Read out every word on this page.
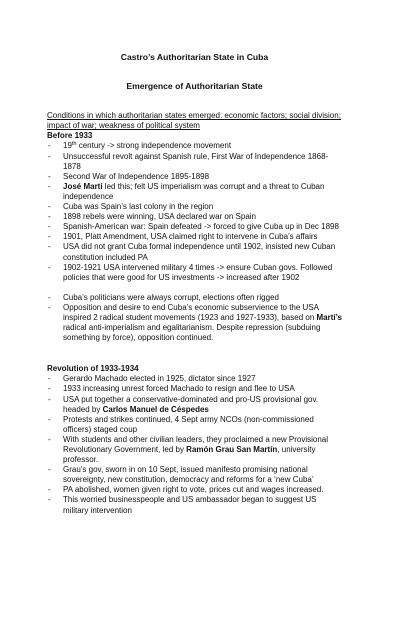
Castro’s Authoritarian State in Cuba
Emergence of Authoritarian State
Conditions in which authoritarian states emerged: economic factors; social division; impact of war; weakness of political system
Before 1933
- 19th century -> strong independence movement
- Unsuccessful revolt against Spanish rule, First War of Independence 1868-1878
- Second War of Independence 1895-1898
- José Martí led this; felt US imperialism was corrupt and a threat to Cuban independence
- Cuba was Spain’s last colony in the region
- 1898 rebels were winning, USA declared war on Spain
- Spanish-American war: Spain defeated -> forced to give Cuba up in Dec 1898
- 1901, Platt Amendment, USA claimed right to intervene in Cuba’s affairs
- USA did not grant Cuba formal independence until 1902, insisted new Cuban constitution included PA
- 1902-1921 USA intervened military 4 times -> ensure Cuban govs. Followed policies that were good for US investments -> increased after 1902
- Cuba’s politicians were always corrupt, elections often rigged
- Opposition and desire to end Cuba’s economic subservience to the USA inspired 2 radical student movements (1923 and 1927-1933), based on Martí’s radical anti-imperialism and egalitarianism. Despite repression (subduing something by force), opposition continued.
Revolution of 1933-1934
- Gerardo Machado elected in 1925, dictator since 1927
- 1933 increasing unrest forced Machado to resign and flee to USA
- USA put together a conservative-dominated and pro-US provisional gov. headed by Carlos Manuel de Céspedes
- Protests and strikes continued, 4 Sept army NCOs (non-commissioned officers) staged coup
- With students and other civilian leaders, they proclaimed a new Provisional Revolutionary Government, led by Ramón Grau San Martín, university professor.
- Grau’s gov, sworn in on 10 Sept, issued manifesto promising national sovereignty, new constitution, democracy and reforms for a ‘new Cuba’
- PA abolished, women given right to vote, prices cut and wages increased.
- This worried businesspeople and US ambassador began to suggest US military intervention
